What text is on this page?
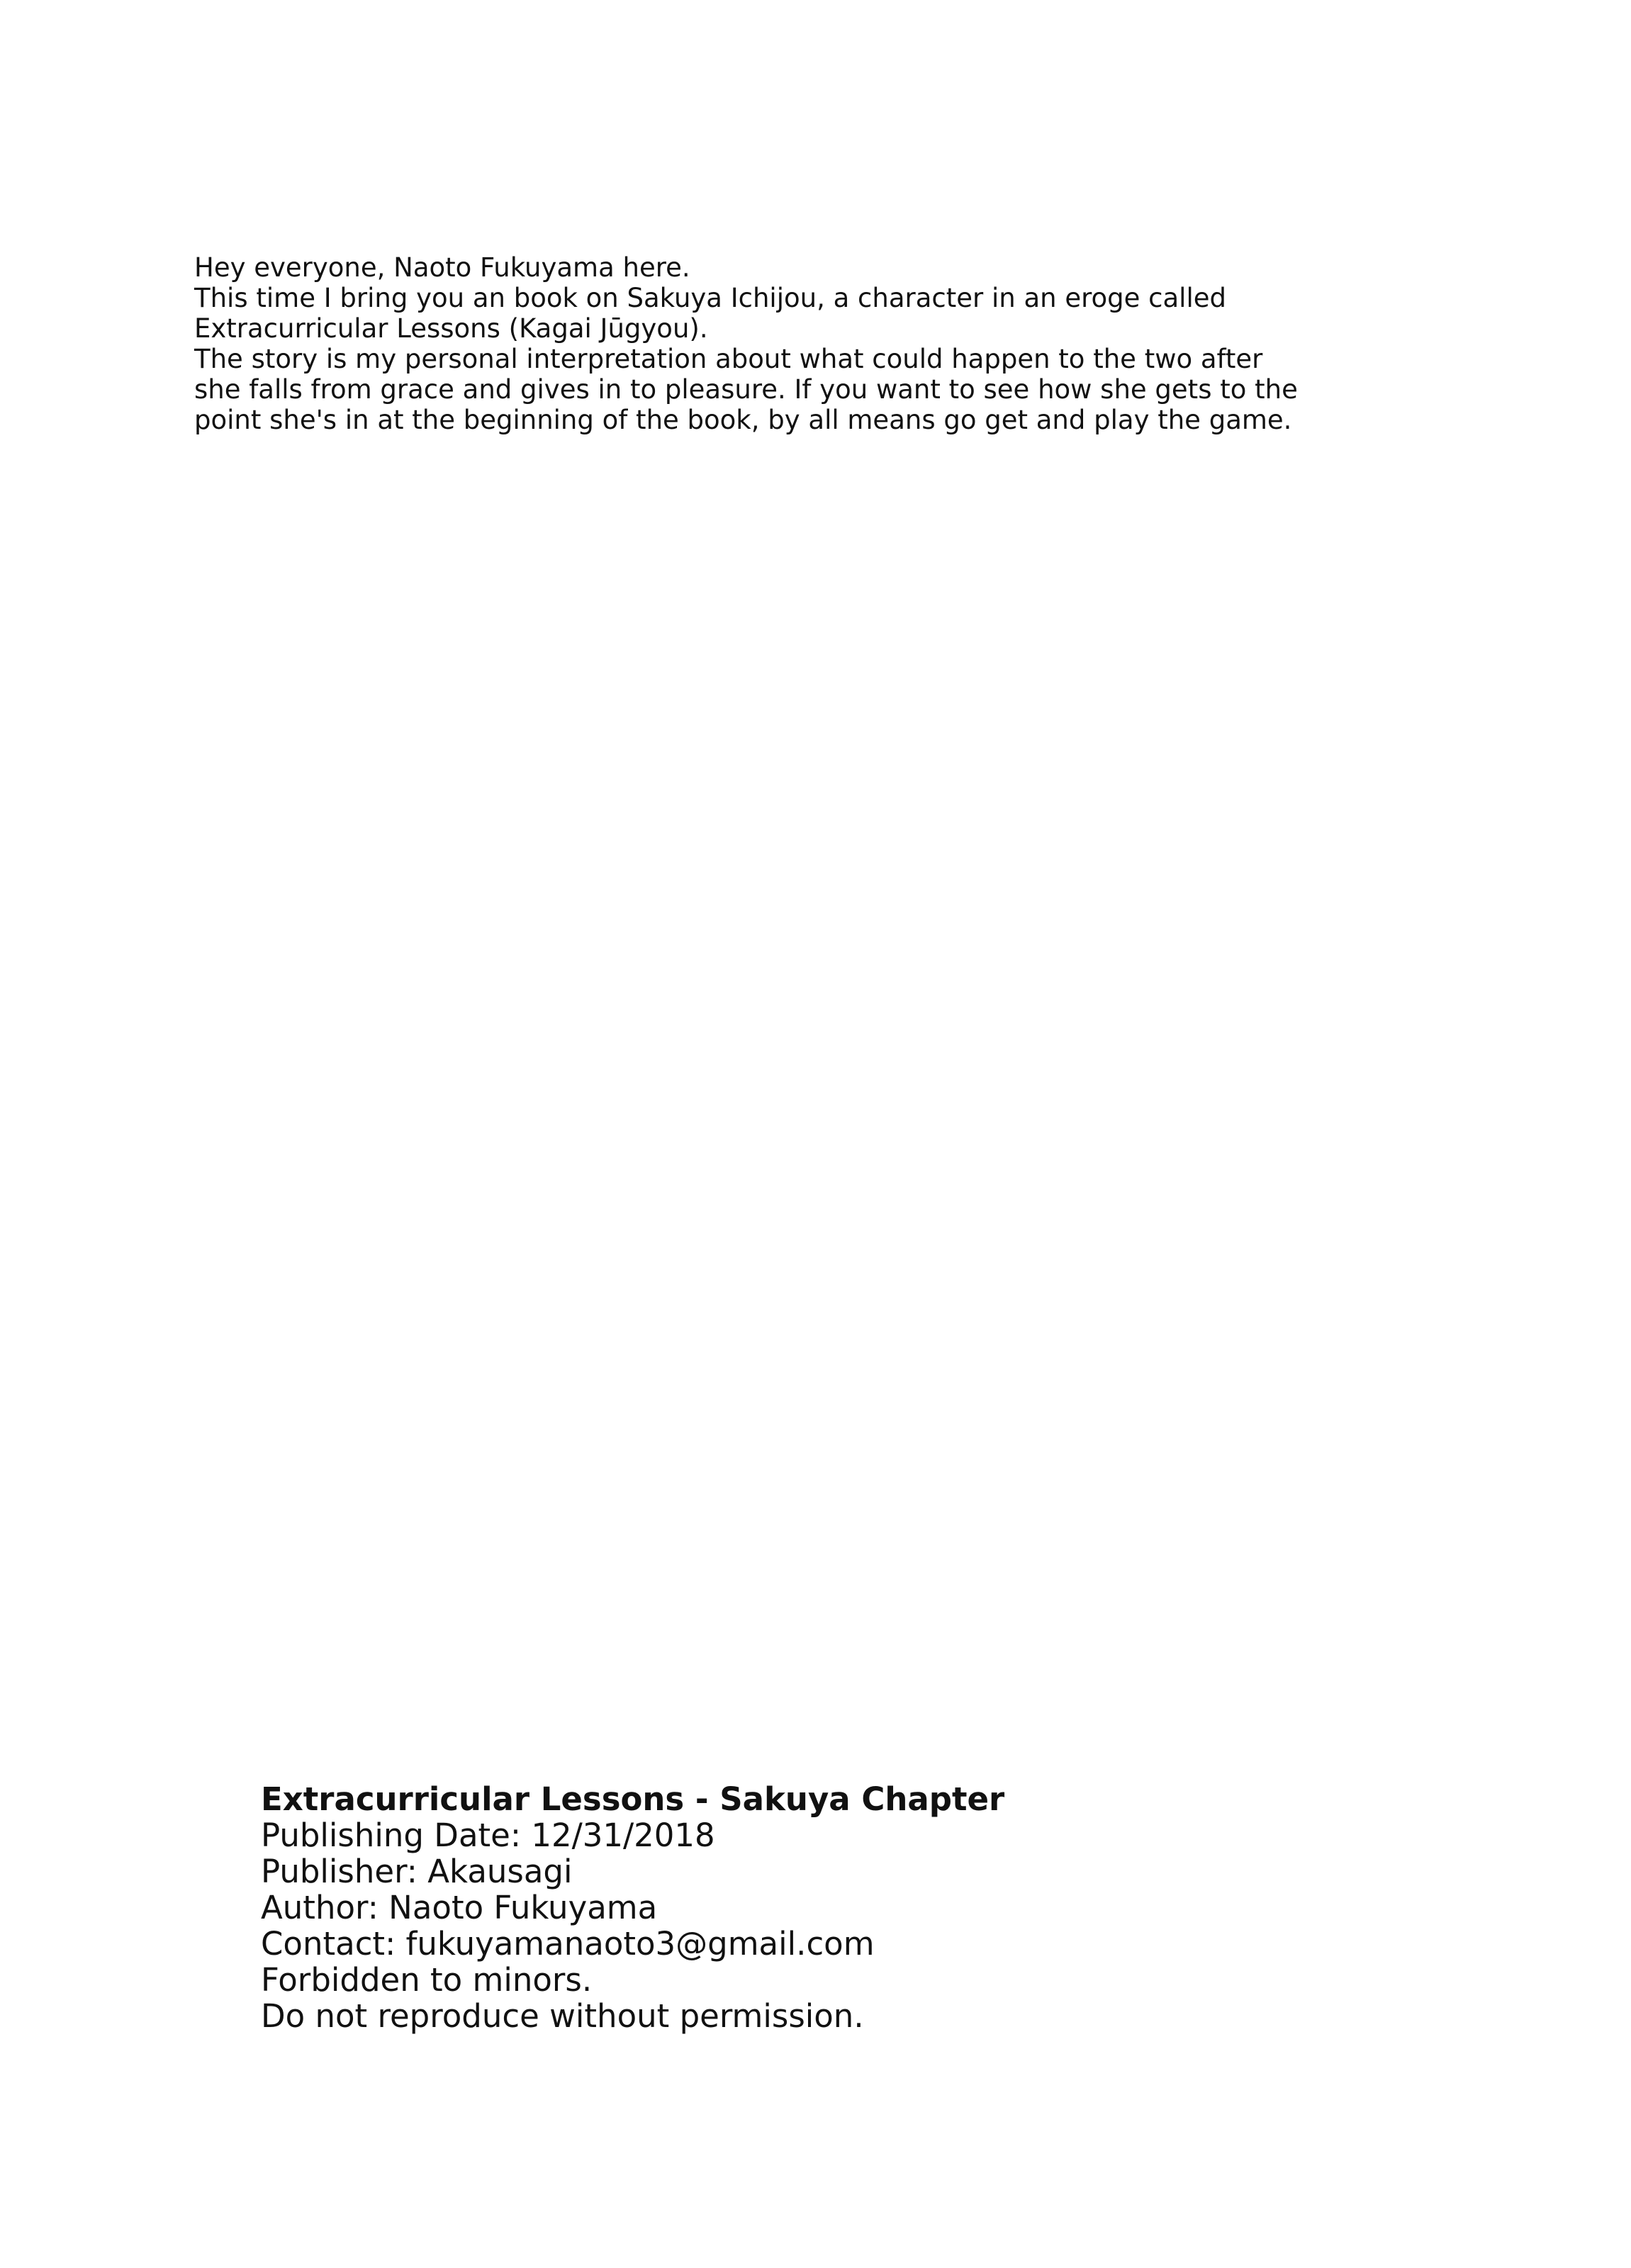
Hey everyone, Naoto Fukuyama here.

This time I bring you an book on Sakuya Ichijou, a character in an eroge called

Extracurricular Lessons (Kagai Jūgyou).

The story is my personal interpretation about what could happen to the two after

she falls from grace and gives in to pleasure. If you want to see how she gets to the

point she's in at the beginning of the book, by all means go get and play the game.

Extracurricular Lessons - Sakuya Chapter

Publishing Date: 12/31/2018

Publisher: Akausagi

Author: Naoto Fukuyama

Contact: fukuyamanaoto3@gmail.com

Forbidden to minors.

Do not reproduce without permission.
